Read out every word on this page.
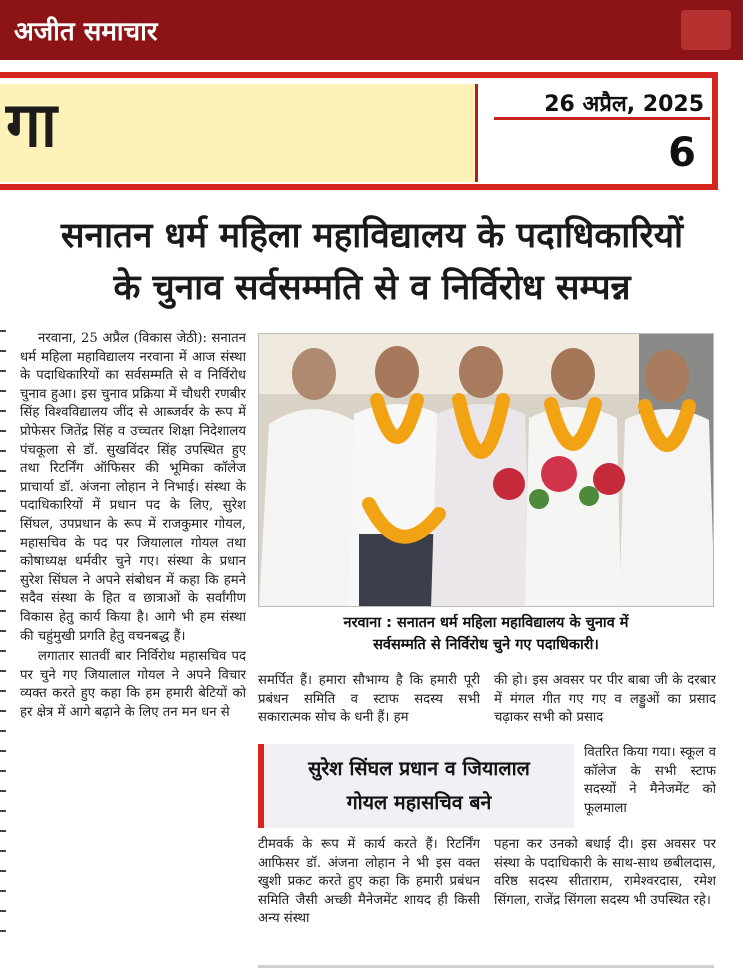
अजीत समाचार
गा	26 अप्रैल, 2025
6
सनातन धर्म महिला महाविद्यालय के पदाधिकारियों
के चुनाव सर्वसम्मति से व निर्विरोध सम्पन्न

नरवाना, 25 अप्रैल (विकास जेठी): सनातन धर्म महिला महाविद्यालय नरवाना में आज संस्था के पदाधिकारियों का सर्वसम्मति से व निर्विरोध चुनाव हुआ। इस चुनाव प्रक्रिया में चौधरी रणबीर सिंह विश्वविद्यालय जींद से आब्जर्वर के रूप में प्रोफेसर जितेंद्र सिंह व उच्चतर शिक्षा निदेशालय पंचकूला से डॉ. सुखविंदर सिंह उपस्थित हुए तथा रिटर्निंग ऑफिसर की भूमिका कॉलेज प्राचार्या डॉ. अंजना लोहान ने निभाई। संस्था के पदाधिकारियों में प्रधान पद के लिए, सुरेश सिंघल, उपप्रधान के रूप में राजकुमार गोयल, महासचिव के पद पर जियालाल गोयल तथा कोषाध्यक्ष धर्मवीर चुने गए। संस्था के प्रधान सुरेश सिंघल ने अपने संबोधन में कहा कि हमने सदैव संस्था के हित व छात्राओं के सर्वांगीण विकास हेतु कार्य किया है। आगे भी हम संस्था की चहुंमुखी प्रगति हेतु वचनबद्ध हैं।

लगातार सातवीं बार निर्विरोध महासचिव पद पर चुने गए जियालाल गोयल ने अपने विचार व्यक्त करते हुए कहा कि हम हमारी बेटियों को हर क्षेत्र में आगे बढ़ाने के लिए तन मन धन से

नरवाना : सनातन धर्म महिला महाविद्यालय के चुनाव में
सर्वसम्मति से निर्विरोध चुने गए पदाधिकारी।
समर्पित हैं। हमारा सौभाग्य है कि हमारी पूरी प्रबंधन समिति व स्टाफ सदस्य सभी सकारात्मक सोच के धनी हैं। हम
की हो। इस अवसर पर पीर बाबा जी के दरबार में मंगल गीत गए गए व लड्डुओं का प्रसाद चढ़ाकर सभी को प्रसाद
सुरेश सिंघल प्रधान व जियालाल
गोयल महासचिव बने
वितरित किया गया। स्कूल व कॉलेज के सभी स्टाफ सदस्यों ने मैनेजमेंट को फूलमाला
टीमवर्क के रूप में कार्य करते हैं। रिटर्निंग आफिसर डॉ. अंजना लोहान ने भी इस वक्त खुशी प्रकट करते हुए कहा कि हमारी प्रबंधन समिति जैसी अच्छी मैनेजमेंट शायद ही किसी अन्य संस्था
पहना कर उनको बधाई दी। इस अवसर पर संस्था के पदाधिकारी के साथ-साथ छबीलदास, वरिष्ठ सदस्य सीताराम, रामेश्वरदास, रमेश सिंगला, राजेंद्र सिंगला सदस्य भी उपस्थित रहे।
